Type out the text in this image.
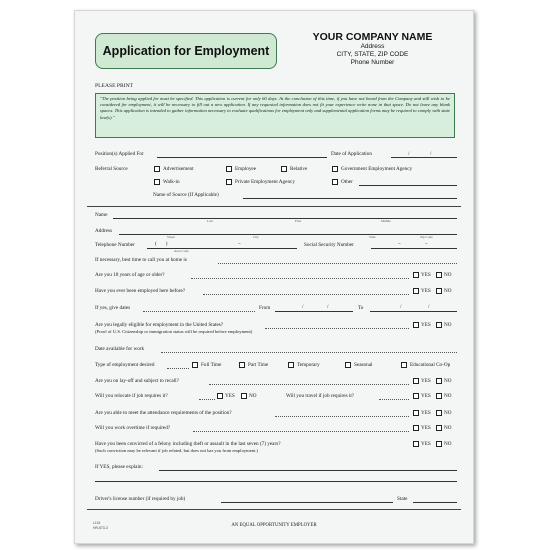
Application for Employment
YOUR COMPANY NAME
Address
CITY, STATE, ZIP CODE
Phone Number
PLEASE PRINT
"The position being applied for must be specified. This application is current for only 60 days. At the conclusion of this time, if you have not heard from the Company and still wish to be considered for employment, it will be necessary to fill out a new application. If any requested information does not fit your experience write none in that space. Do not leave any blank spaces. This application is intended to gather information necessary to evaluate qualifications for employment only and supplemental application forms may be required to comply with state law(s)."
Position(s) Applied For	Date of Application	/	/
Referral Source	Advertisement	Employee	Relative	Government Employment Agency
Walk-in	Private Employment Agency	Other
Name of Source (If Applicable)
Name
Last	First	Middle
Address
Street	City	State	Zip Code
Telephone Number	(       )	–
Area Code
Social Security Number	–	–
If necessary, best time to call you at home is
Are you 18 years of age or older?	YES	NO
Have you ever been employed here before?	YES	NO
If yes, give dates	From	/	/	To	/	/
Are you legally eligible for employment in the United States?
(Proof of U.S. Citizenship or immigration status will be required before employment)
YES	NO
Date available for work
Type of employment desired	Full Time	Part Time	Temporary	Seasonal	Educational Co-Op
Are you on lay-off and subject to recall?	YES	NO
Will you relocate if job requires it?	YES	NO	Will you travel if job requires it?	YES	NO
Are you able to meet the attendance requirements of the position?	YES	NO
Will you work overtime if required?	YES	NO
Have you been convicted of a felony including theft or assault in the last seven (7) years?
(Such conviction may be relevant if job related, but does not bar you from employment.)
YES	NO
If YES, please explain:
Driver's license number (if required by job)	State
L101
HR-573-3	AN EQUAL OPPORTUNITY EMPLOYER
